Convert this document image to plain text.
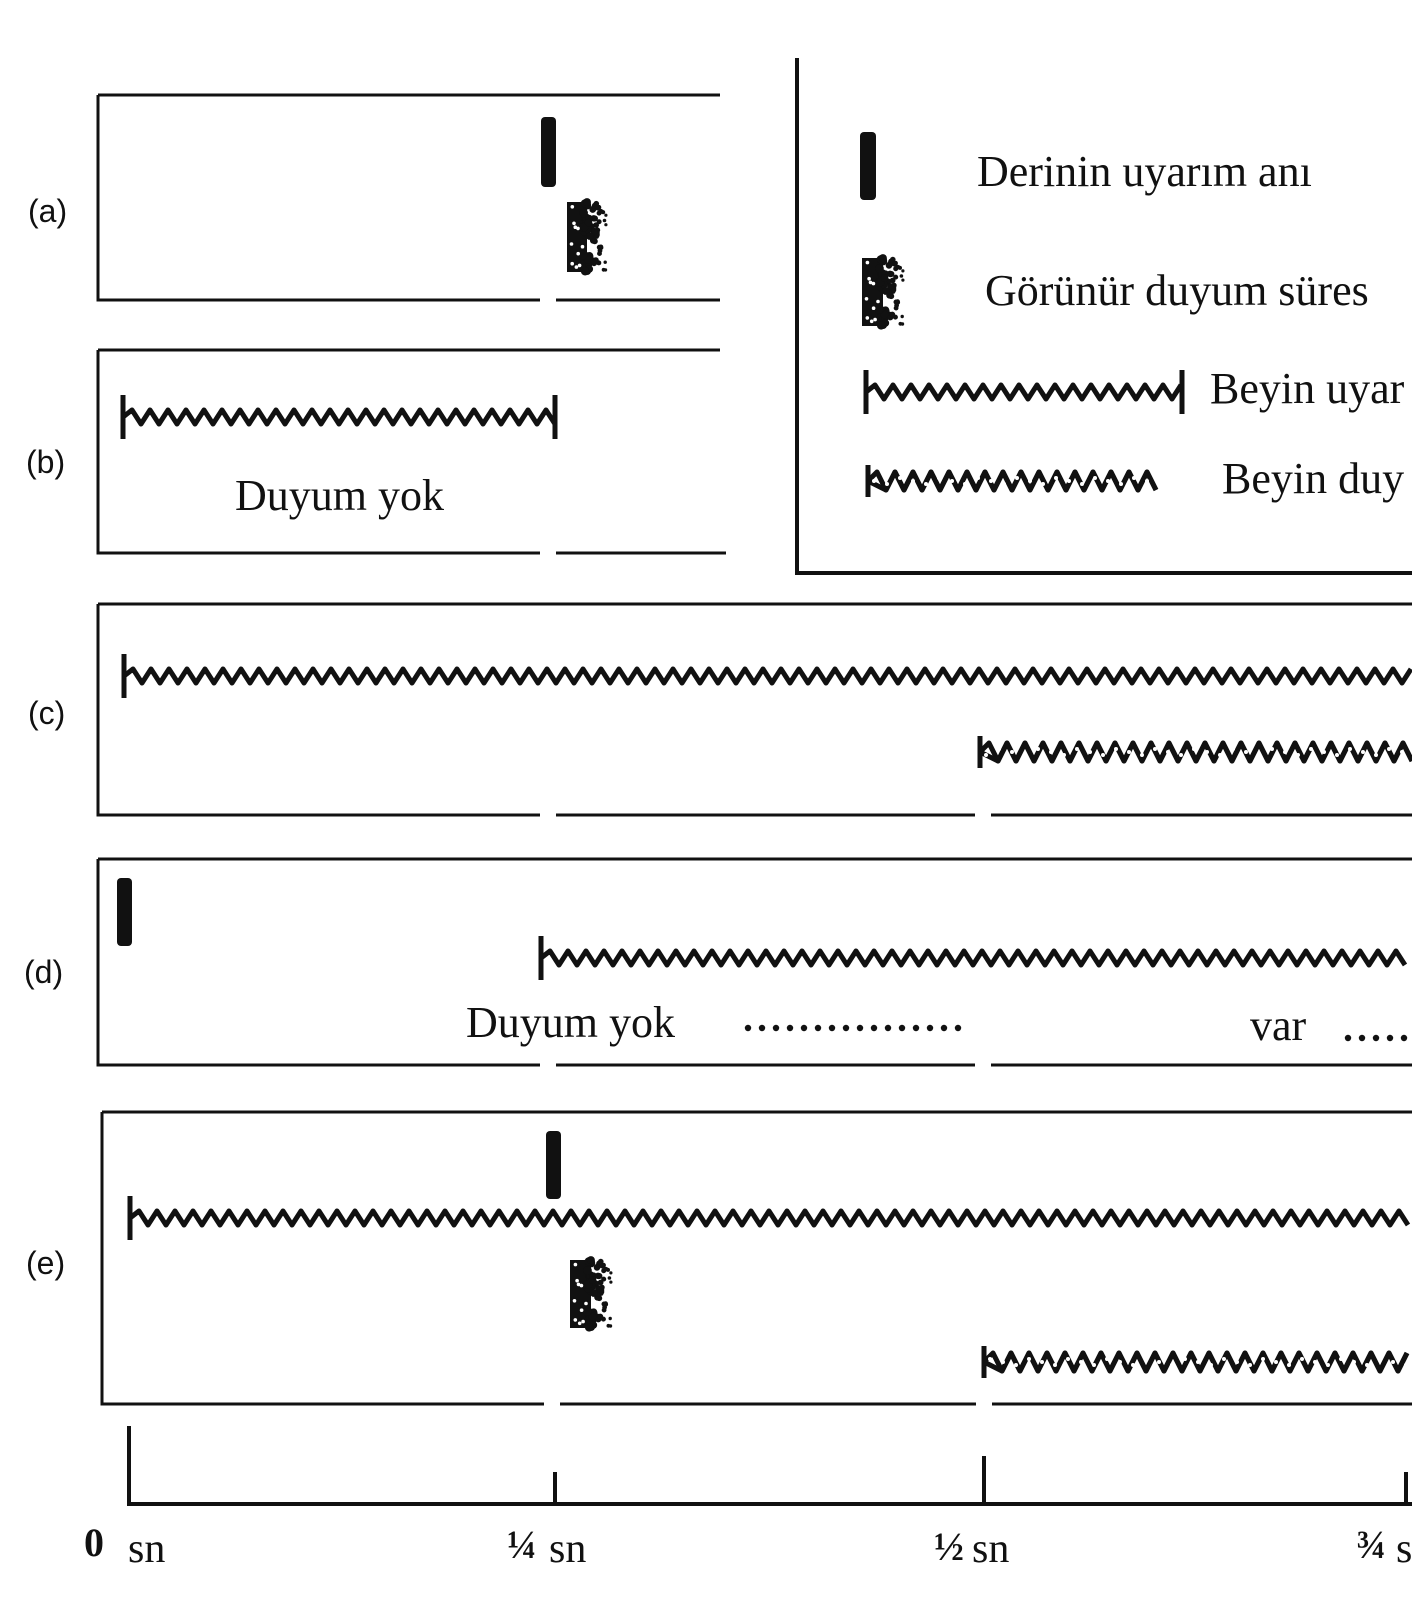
(a)
(b)
Duyum yok
Derinin uyarım anı
Görünür duyum süres
Beyin uyar
Beyin duy
(c)
(d)
Duyum yok	var
(e)
0 sn	¼ sn	½ sn	¾ s
